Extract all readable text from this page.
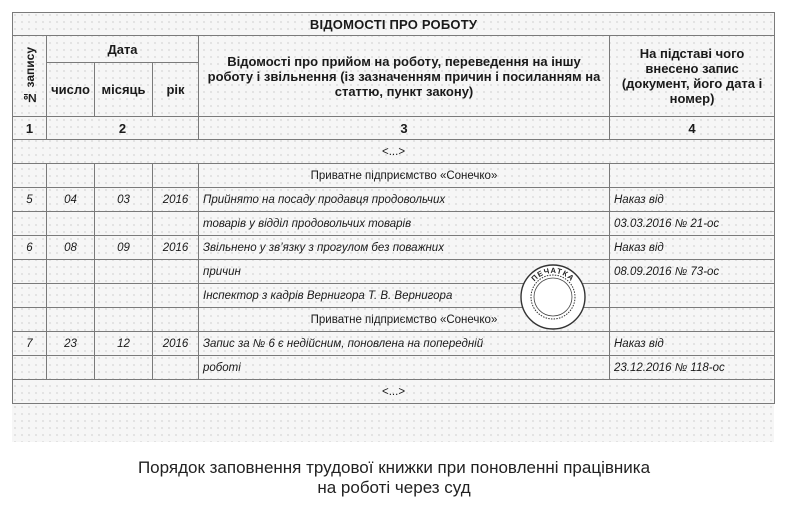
ВІДОМОСТІ ПРО РОБОТУ					

№ запису	Дата			Відомості про прийом на роботу, переведення на іншу роботу і звільнення (із зазначенням причин і посиланням на статтю, пункт закону)	На підставі чого внесено запис (документ, його дата і номер)
	число	місяць	рік		
1	2			3	4
<...>					
				Приватне підприємство «Сонечко»	
5	04	03	2016	Прийнято на посаду продавця продовольчих	Наказ від
				товарів у відділ продовольчих товарів	03.03.2016 № 21-ос
6	08	09	2016	Звільнено у зв’язку з прогулом без поважних	Наказ від
				причин	08.09.2016 № 73-ос
				Інспектор з кадрів Вернигора Т. В. Вернигора	
				Приватне підприємство «Сонечко»	
7	23	12	2016	Запис за № 6 є недійсним, поновлена на попередній	Наказ від
				роботі	23.12.2016 № 118-ос
<...>					
ПЕЧАТКА
Порядок заповнення трудової книжки при поновленні працівника
на роботі через суд
